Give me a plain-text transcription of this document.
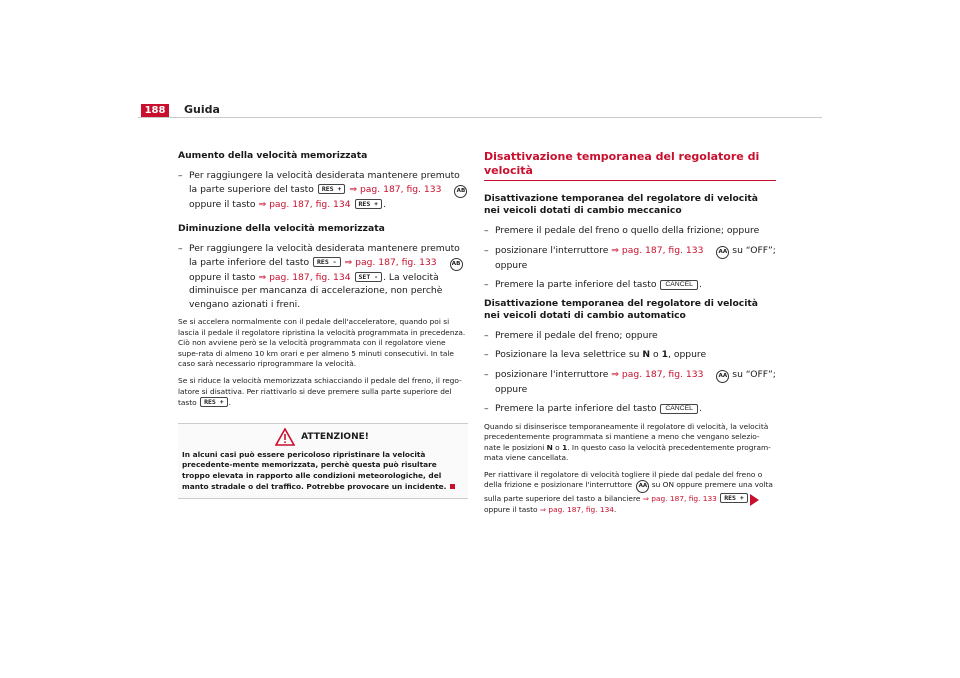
188	Guida

Aumento della velocità memorizzata

– Per raggiungere la velocità desiderata mantenere premuto la parte superiore del tasto RES + ⇒ pag. 187, fig. 133	AB oppure il tasto ⇒ pag. 187, fig. 134 RES + .

Diminuzione della velocità memorizzata

– Per raggiungere la velocità desiderata mantenere premuto la parte inferiore del tasto RES - ⇒ pag. 187, fig. 133	AB oppure il tasto ⇒ pag. 187, fig. 134 SET - . La velocità diminuisce per mancanza di accelerazione, non perchè vengano azionati i freni.

Se si accelera normalmente con il pedale dell'acceleratore, quando poi si lascia il pedale il regolatore ripristina la velocità programmata in precedenza. Ciò non avviene però se la velocità programmata con il regolatore viene supe-rata di almeno 10 km orari e per almeno 5 minuti consecutivi. In tale caso sarà necessario riprogrammare la velocità.

Se si riduce la velocità memorizzata schiacciando il pedale del freno, il rego-latore si disattiva. Per riattivarlo si deve premere sulla parte superiore del tasto RES + .

ATTENZIONE!
In alcuni casi può essere pericoloso ripristinare la velocità precedente-mente memorizzata, perchè questa può risultare troppo elevata in rapporto alle condizioni meteorologiche, del manto stradale o del traffico. Potrebbe provocare un incidente.
Disattivazione temporanea del regolatore di velocità

Disattivazione temporanea del regolatore di velocità nei veicoli dotati di cambio meccanico

– Premere il pedale del freno o quello della frizione; oppure
– posizionare l'interruttore ⇒ pag. 187, fig. 133	AA su “OFF”; oppure
– Premere la parte inferiore del tasto CANCEL .

Disattivazione temporanea del regolatore di velocità nei veicoli dotati di cambio automatico

– Premere il pedale del freno; oppure
– Posizionare la leva selettrice su N o 1, oppure
– posizionare l'interruttore ⇒ pag. 187, fig. 133	AA su “OFF”; oppure
– Premere la parte inferiore del tasto CANCEL .

Quando si disinserisce temporaneamente il regolatore di velocità, la velocità precedentemente programmata si mantiene a meno che vengano selezio-nate le posizioni N o 1. In questo caso la velocità precedentemente program-mata viene cancellata.

Per riattivare il regolatore di velocità togliere il piede dal pedale del freno o della frizione e posizionare l'interruttore AA su ON oppure premere una volta sulla parte superiore del tasto a bilanciere ⇒ pag. 187, fig. 133 RES + oppure il tasto ⇒ pag. 187, fig. 134.
